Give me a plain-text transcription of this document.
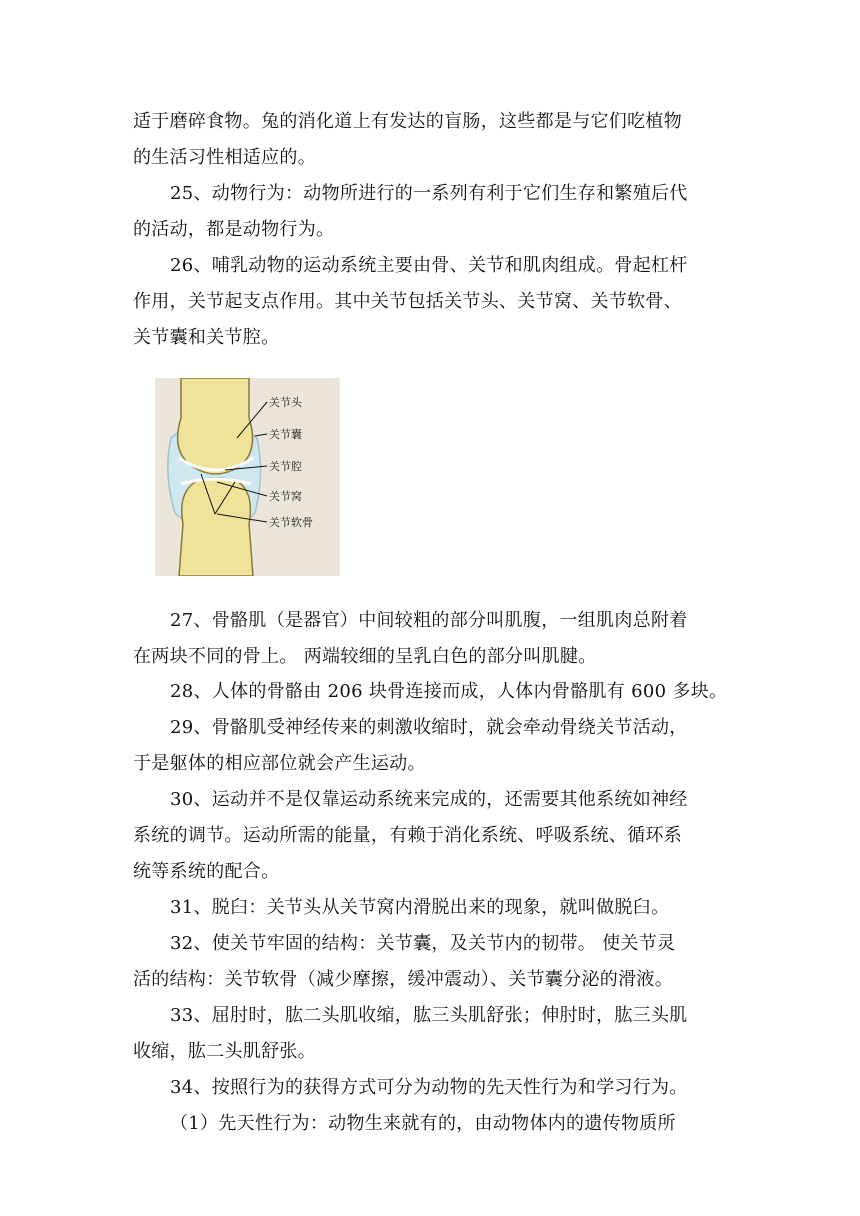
适于磨碎食物。兔的消化道上有发达的盲肠，这些都是与它们吃植物
的生活习性相适应的。
25、动物行为：动物所进行的一系列有利于它们生存和繁殖后代
的活动，都是动物行为。
26、哺乳动物的运动系统主要由骨、关节和肌肉组成。骨起杠杆
作用，关节起支点作用。其中关节包括关节头、关节窝、关节软骨、
关节囊和关节腔。
关节头
关节囊
关节腔
关节窝
关节软骨
27、骨骼肌（是器官）中间较粗的部分叫肌腹，一组肌肉总附着
在两块不同的骨上。 两端较细的呈乳白色的部分叫肌腱。
28、人体的骨骼由 206 块骨连接而成，人体内骨骼肌有 600 多块。
29、骨骼肌受神经传来的刺激收缩时，就会牵动骨绕关节活动，
于是躯体的相应部位就会产生运动。
30、运动并不是仅靠运动系统来完成的，还需要其他系统如神经
系统的调节。运动所需的能量，有赖于消化系统、呼吸系统、循环系
统等系统的配合。
31、脱臼：关节头从关节窝内滑脱出来的现象，就叫做脱臼。
32、使关节牢固的结构：关节囊，及关节内的韧带。 使关节灵
活的结构：关节软骨（减少摩擦，缓冲震动）、关节囊分泌的滑液。
33、屈肘时，肱二头肌收缩，肱三头肌舒张；伸肘时，肱三头肌
收缩，肱二头肌舒张。
34、按照行为的获得方式可分为动物的先天性行为和学习行为。
（1）先天性行为：动物生来就有的，由动物体内的遗传物质所
